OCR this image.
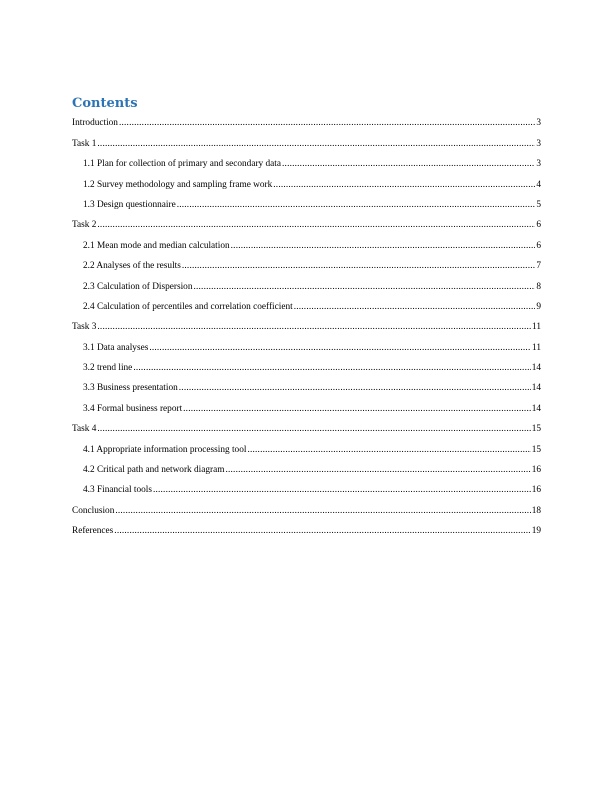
Contents
Introduction .....	3
Task 1 .....	3
1.1 Plan for collection of primary and secondary data .....	3
1.2 Survey methodology and sampling frame work .....	4
1.3 Design questionnaire .....	5
Task 2 .....	6
2.1 Mean mode and median calculation .....	6
2.2 Analyses of the results .....	7
2.3 Calculation of Dispersion .....	8
2.4 Calculation of percentiles and correlation coefficient .....	9
Task 3 .....	11
3.1 Data analyses .....	11
3.2 trend line .....	14
3.3 Business presentation .....	14
3.4 Formal business report .....	14
Task 4 .....	15
4.1 Appropriate information processing tool .....	15
4.2 Critical path and network diagram .....	16
4.3 Financial tools .....	16
Conclusion .....	18
References .....	19
